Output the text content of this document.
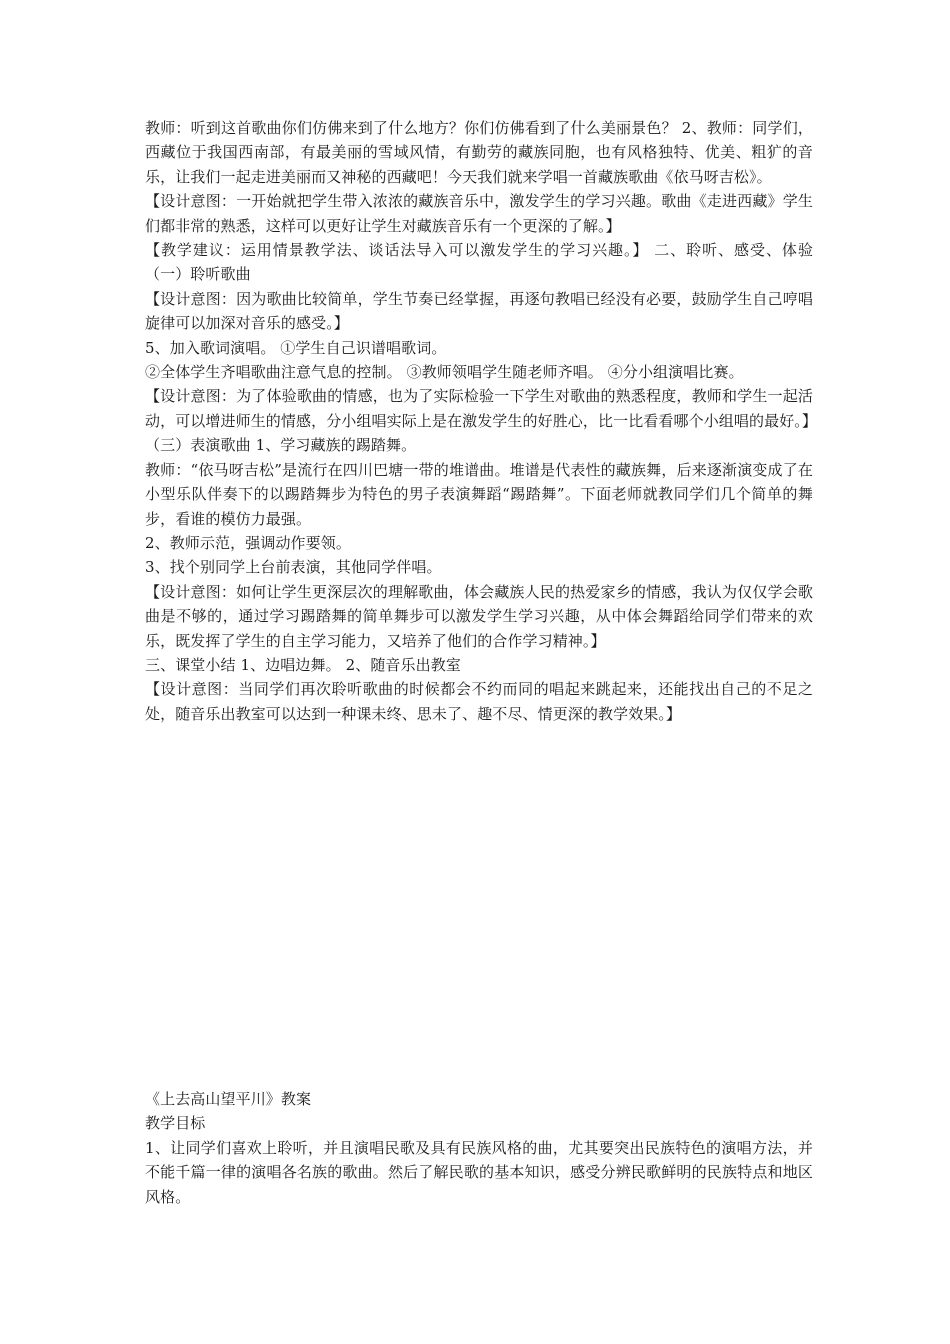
教师：听到这首歌曲你们仿佛来到了什么地方？你们仿佛看到了什么美丽景色？ 2、教师：同学们，西藏位于我国西南部，有最美丽的雪域风情，有勤劳的藏族同胞，也有风格独特、优美、粗犷的音乐，让我们一起走进美丽而又神秘的西藏吧！今天我们就来学唱一首藏族歌曲《依马呀吉松》。

【设计意图：一开始就把学生带入浓浓的藏族音乐中，激发学生的学习兴趣。歌曲《走进西藏》学生们都非常的熟悉，这样可以更好让学生对藏族音乐有一个更深的了解。】

【教学建议：运用情景教学法、谈话法导入可以激发学生的学习兴趣。】 二、聆听、感受、体验 （一）聆听歌曲

【设计意图：因为歌曲比较简单，学生节奏已经掌握，再逐句教唱已经没有必要，鼓励学生自己哼唱旋律可以加深对音乐的感受。】

5、加入歌词演唱。 ①学生自己识谱唱歌词。

②全体学生齐唱歌曲注意气息的控制。 ③教师领唱学生随老师齐唱。 ④分小组演唱比赛。

【设计意图：为了体验歌曲的情感，也为了实际检验一下学生对歌曲的熟悉程度，教师和学生一起活动，可以增进师生的情感，分小组唱实际上是在激发学生的好胜心，比一比看看哪个小组唱的最好。】

（三）表演歌曲 1、学习藏族的踢踏舞。

教师：“依马呀吉松”是流行在四川巴塘一带的堆谱曲。堆谱是代表性的藏族舞，后来逐渐演变成了在小型乐队伴奏下的以踢踏舞步为特色的男子表演舞蹈“踢踏舞”。下面老师就教同学们几个简单的舞步，看谁的模仿力最强。

2、教师示范，强调动作要领。

3、找个别同学上台前表演，其他同学伴唱。

【设计意图：如何让学生更深层次的理解歌曲，体会藏族人民的热爱家乡的情感，我认为仅仅学会歌曲是不够的，通过学习踢踏舞的简单舞步可以激发学生学习兴趣，从中体会舞蹈给同学们带来的欢乐，既发挥了学生的自主学习能力，又培养了他们的合作学习精神。】

三、课堂小结 1、边唱边舞。 2、随音乐出教室

【设计意图：当同学们再次聆听歌曲的时候都会不约而同的唱起来跳起来，还能找出自己的不足之处，随音乐出教室可以达到一种课未终、思未了、趣不尽、情更深的教学效果。】

《上去高山望平川》教案

教学目标

1、让同学们喜欢上聆听，并且演唱民歌及具有民族风格的曲，尤其要突出民族特色的演唱方法，并不能千篇一律的演唱各名族的歌曲。然后了解民歌的基本知识，感受分辨民歌鲜明的民族特点和地区风格。
